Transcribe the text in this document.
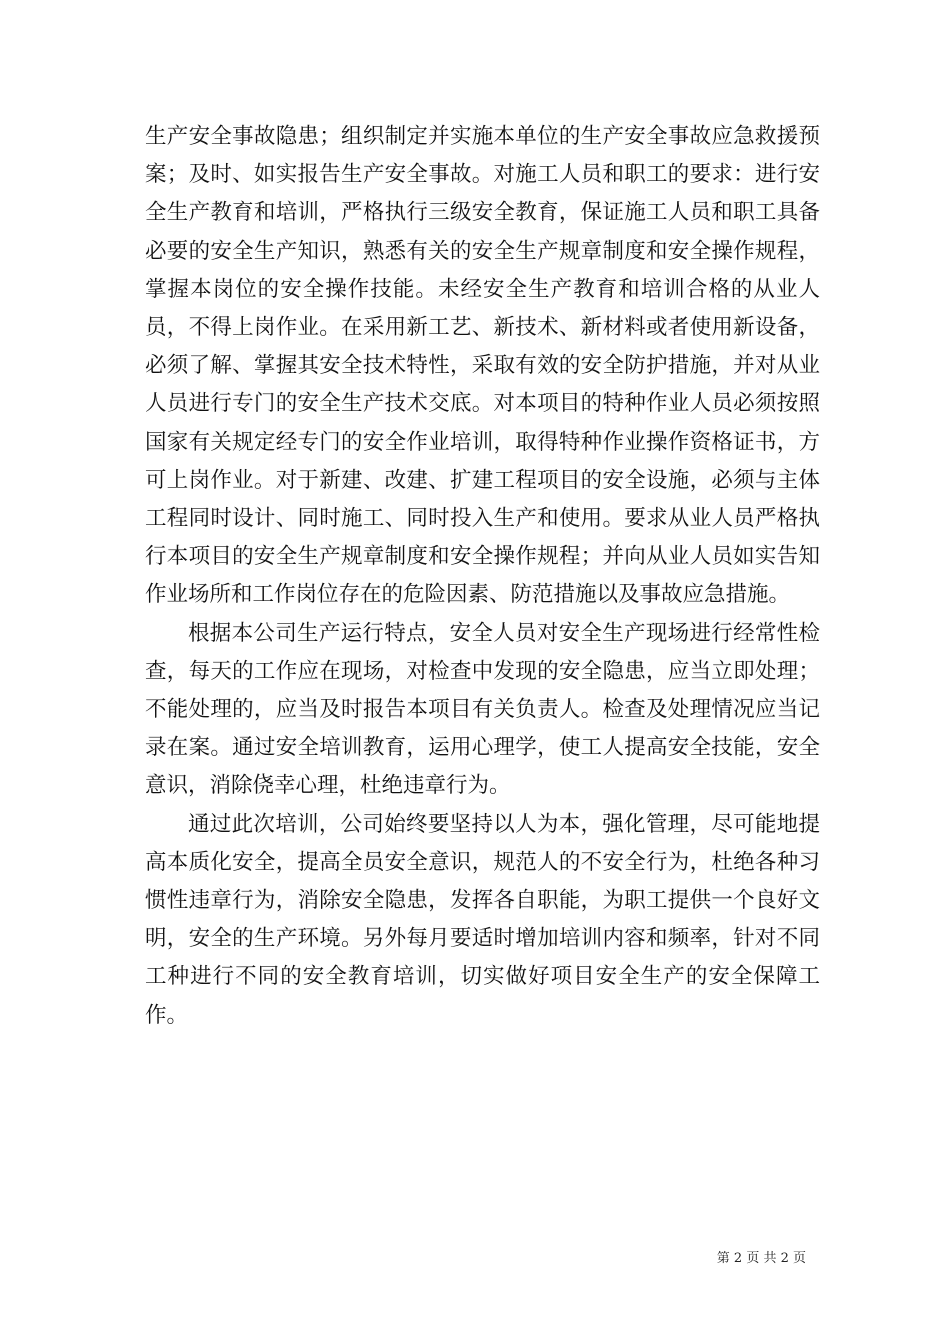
生产安全事故隐患；组织制定并实施本单位的生产安全事故应急救援预案；及时、如实报告生产安全事故。对施工人员和职工的要求：进行安全生产教育和培训，严格执行三级安全教育，保证施工人员和职工具备必要的安全生产知识，熟悉有关的安全生产规章制度和安全操作规程，掌握本岗位的安全操作技能。未经安全生产教育和培训合格的从业人员，不得上岗作业。在采用新工艺、新技术、新材料或者使用新设备，必须了解、掌握其安全技术特性，采取有效的安全防护措施，并对从业人员进行专门的安全生产技术交底。对本项目的特种作业人员必须按照国家有关规定经专门的安全作业培训，取得特种作业操作资格证书，方可上岗作业。对于新建、改建、扩建工程项目的安全设施，必须与主体工程同时设计、同时施工、同时投入生产和使用。要求从业人员严格执行本项目的安全生产规章制度和安全操作规程；并向从业人员如实告知作业场所和工作岗位存在的危险因素、防范措施以及事故应急措施。

根据本公司生产运行特点，安全人员对安全生产现场进行经常性检查，每天的工作应在现场，对检查中发现的安全隐患，应当立即处理；不能处理的，应当及时报告本项目有关负责人。检查及处理情况应当记录在案。通过安全培训教育，运用心理学，使工人提高安全技能，安全意识，消除侥幸心理，杜绝违章行为。

通过此次培训，公司始终要坚持以人为本，强化管理，尽可能地提高本质化安全，提高全员安全意识，规范人的不安全行为，杜绝各种习惯性违章行为，消除安全隐患，发挥各自职能，为职工提供一个良好文明，安全的生产环境。另外每月要适时增加培训内容和频率，针对不同工种进行不同的安全教育培训，切实做好项目安全生产的安全保障工作。

第 2 页 共 2 页
